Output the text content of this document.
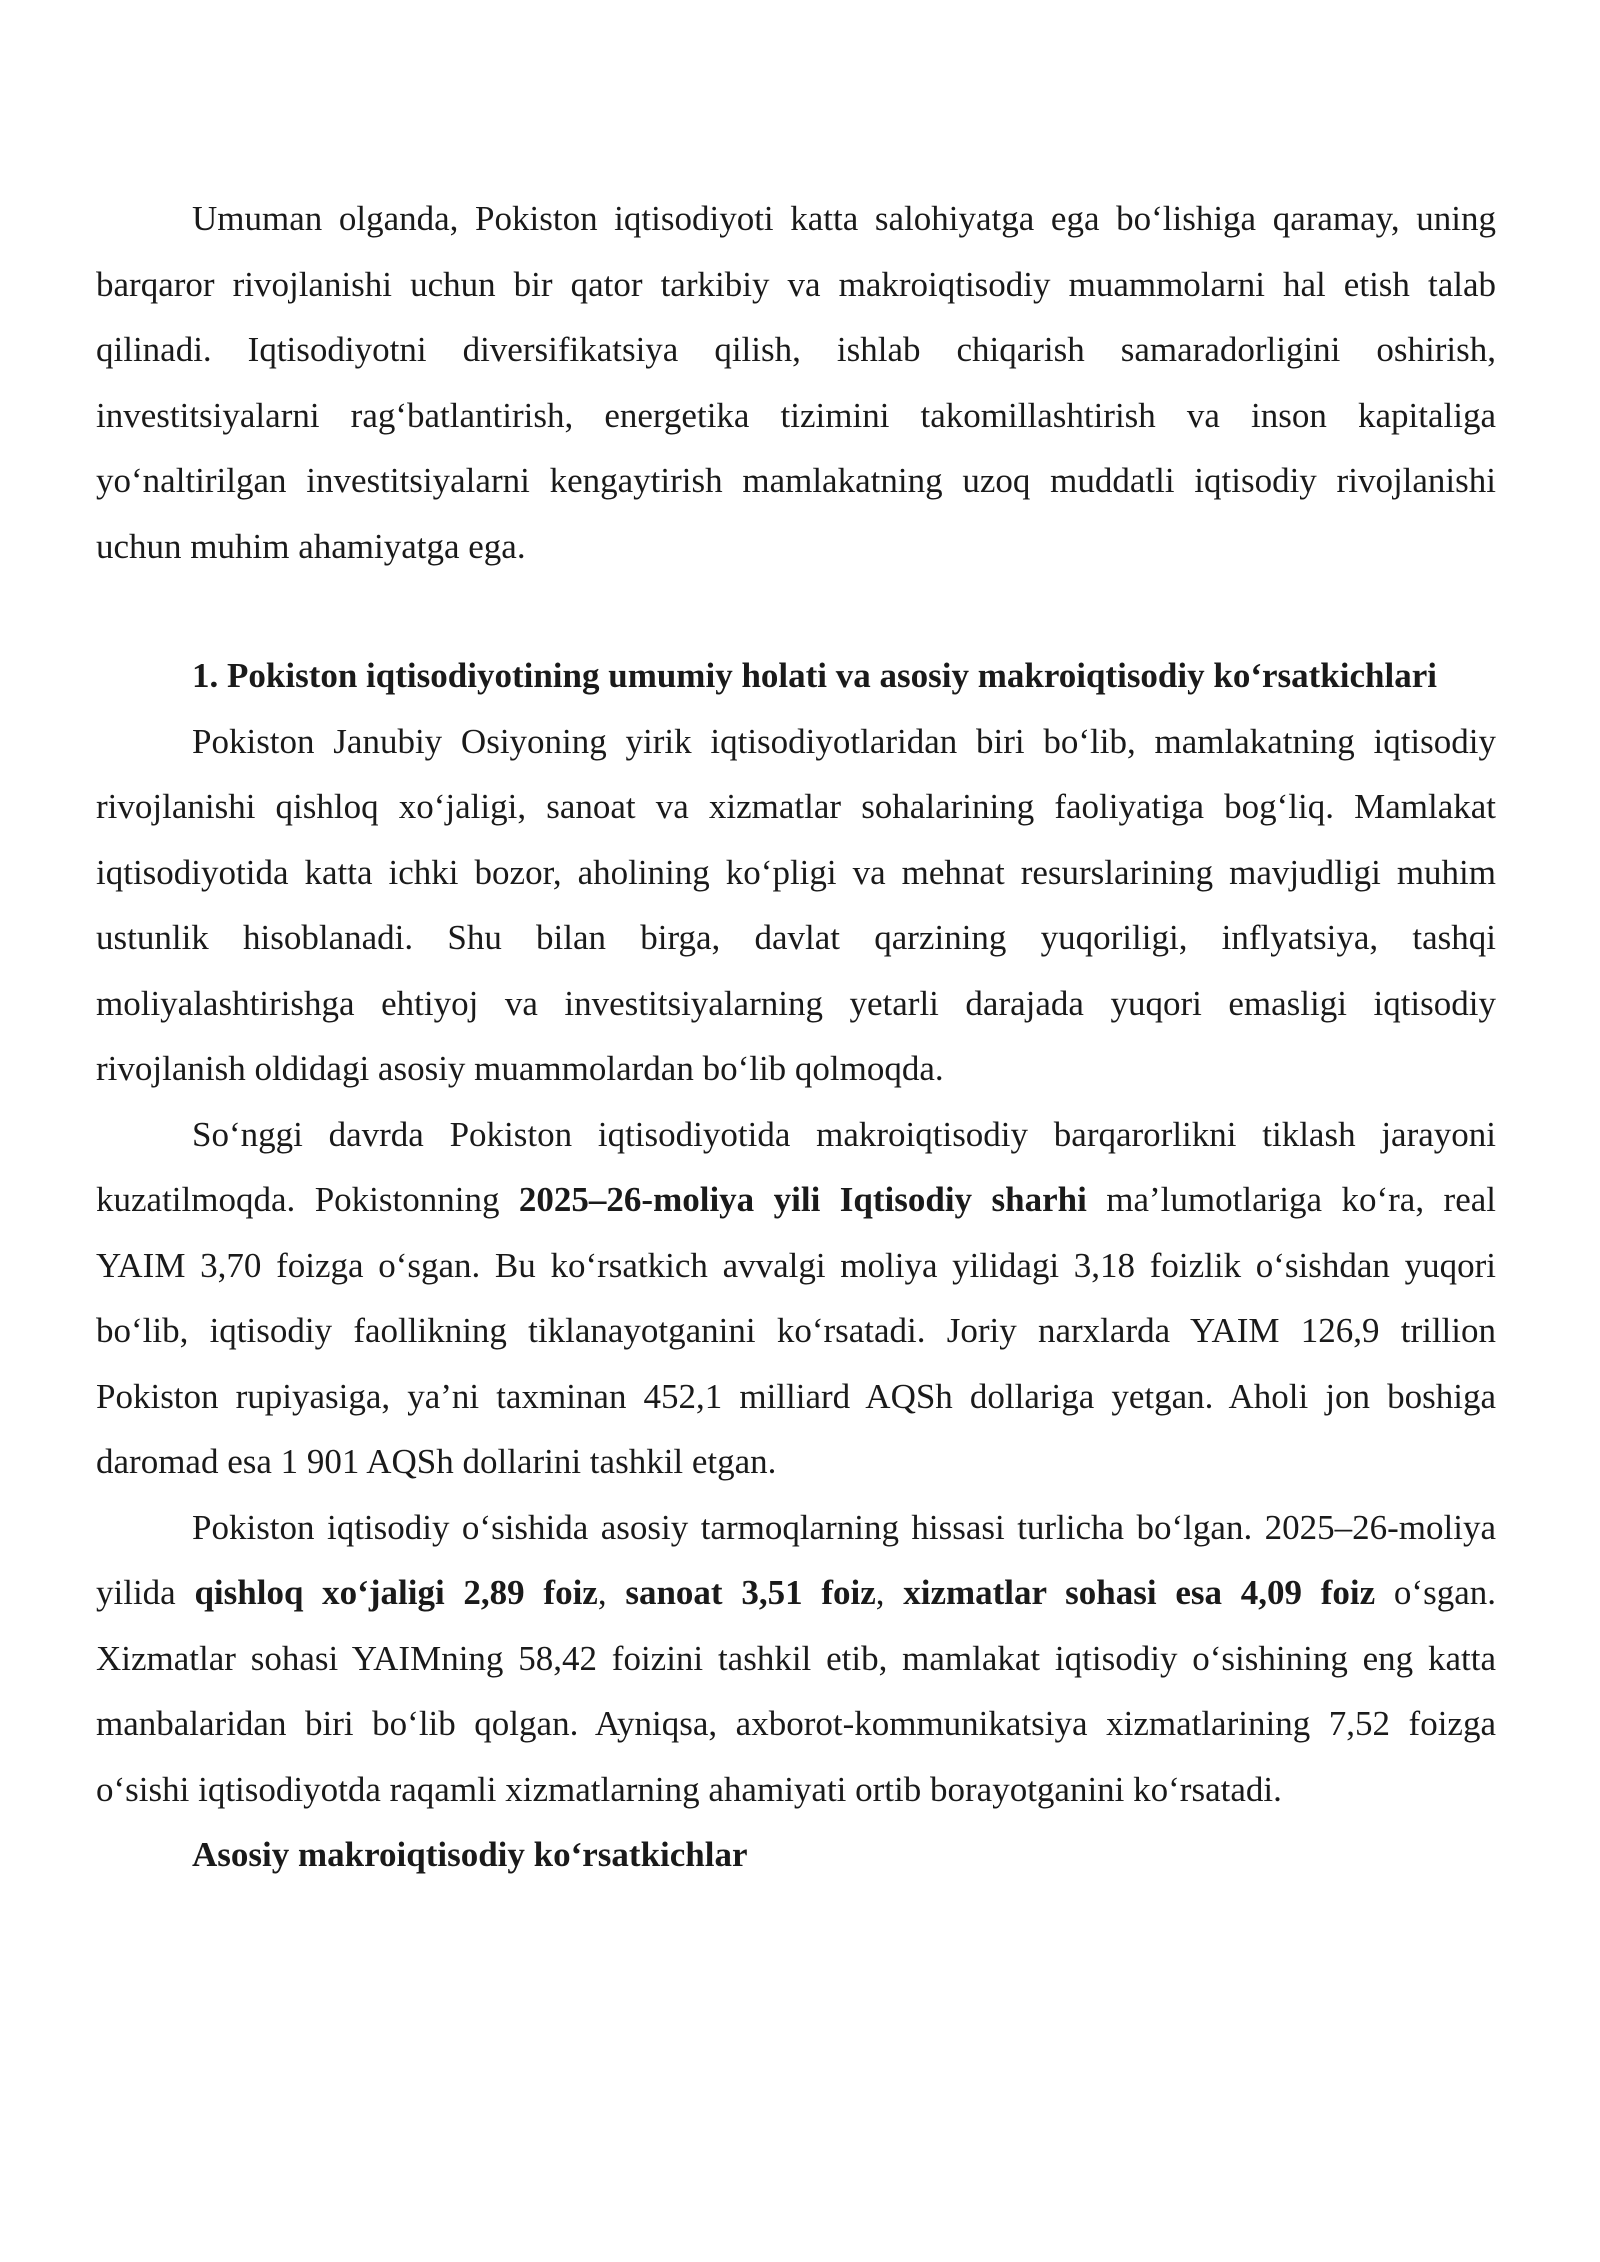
Umuman olganda, Pokiston iqtisodiyoti katta salohiyatga ega bo‘lishiga qaramay, uning barqaror rivojlanishi uchun bir qator tarkibiy va makroiqtisodiy muammolarni hal etish talab qilinadi. Iqtisodiyotni diversifikatsiya qilish, ishlab chiqarish samaradorligini oshirish, investitsiyalarni rag‘batlantirish, energetika tizimini takomillashtirish va inson kapitaliga yo‘naltirilgan investitsiyalarni kengaytirish mamlakatning uzoq muddatli iqtisodiy rivojlanishi uchun muhim ahamiyatga ega.

1. Pokiston iqtisodiyotining umumiy holati va asosiy makroiqtisodiy ko‘rsatkichlari

Pokiston Janubiy Osiyoning yirik iqtisodiyotlaridan biri bo‘lib, mamlakatning iqtisodiy rivojlanishi qishloq xo‘jaligi, sanoat va xizmatlar sohalarining faoliyatiga bog‘liq. Mamlakat iqtisodiyotida katta ichki bozor, aholining ko‘pligi va mehnat resurslarining mavjudligi muhim ustunlik hisoblanadi. Shu bilan birga, davlat qarzining yuqoriligi, inflyatsiya, tashqi moliyalashtirishga ehtiyoj va investitsiyalarning yetarli darajada yuqori emasligi iqtisodiy rivojlanish oldidagi asosiy muammolardan bo‘lib qolmoqda.

So‘nggi davrda Pokiston iqtisodiyotida makroiqtisodiy barqarorlikni tiklash jarayoni kuzatilmoqda. Pokistonning 2025–26-moliya yili Iqtisodiy sharhi ma’lumotlariga ko‘ra, real YAIM 3,70 foizga o‘sgan. Bu ko‘rsatkich avvalgi moliya yilidagi 3,18 foizlik o‘sishdan yuqori bo‘lib, iqtisodiy faollikning tiklanayotganini ko‘rsatadi. Joriy narxlarda YAIM 126,9 trillion Pokiston rupiyasiga, ya’ni taxminan 452,1 milliard AQSh dollariga yetgan. Aholi jon boshiga daromad esa 1 901 AQSh dollarini tashkil etgan.

Pokiston iqtisodiy o‘sishida asosiy tarmoqlarning hissasi turlicha bo‘lgan. 2025–26-moliya yilida qishloq xo‘jaligi 2,89 foiz, sanoat 3,51 foiz, xizmatlar sohasi esa 4,09 foiz o‘sgan. Xizmatlar sohasi YAIMning 58,42 foizini tashkil etib, mamlakat iqtisodiy o‘sishining eng katta manbalaridan biri bo‘lib qolgan. Ayniqsa, axborot-kommunikatsiya xizmatlarining 7,52 foizga o‘sishi iqtisodiyotda raqamli xizmatlarning ahamiyati ortib borayotganini ko‘rsatadi.

Asosiy makroiqtisodiy ko‘rsatkichlar
